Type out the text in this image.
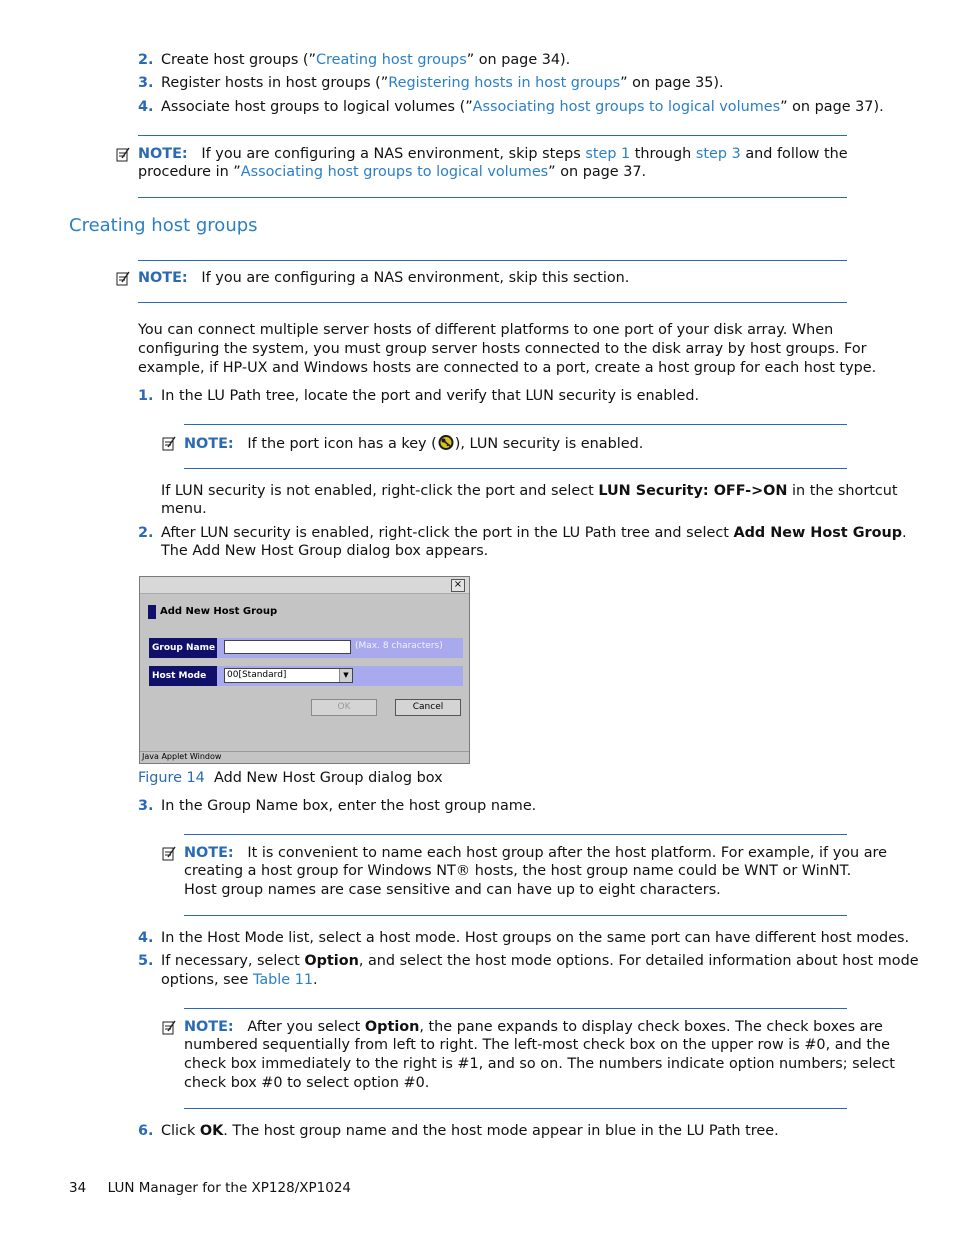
2. Create host groups (”Creating host groups” on page 34).
3. Register hosts in host groups (”Registering hosts in host groups” on page 35).
4. Associate host groups to logical volumes (”Associating host groups to logical volumes” on page 37).
NOTE: If you are configuring a NAS environment, skip steps step 1 through step 3 and follow the
procedure in ”Associating host groups to logical volumes” on page 37.
Creating host groups
NOTE: If you are configuring a NAS environment, skip this section.
You can connect multiple server hosts of different platforms to one port of your disk array. When
configuring the system, you must group server hosts connected to the disk array by host groups. For
example, if HP-UX and Windows hosts are connected to a port, create a host group for each host type.
1. In the LU Path tree, locate the port and verify that LUN security is enabled.
NOTE: If the port icon has a key ( ), LUN security is enabled.
If LUN security is not enabled, right-click the port and select LUN Security: OFF->ON in the shortcut
menu.
2. After LUN security is enabled, right-click the port in the LU Path tree and select Add New Host Group.
The Add New Host Group dialog box appears.
×
Add New Host Group
Group Name	(Max. 8 characters)
Host Mode	00[Standard]	▼
OK	Cancel
Java Applet Window
Figure 14 Add New Host Group dialog box
3. In the Group Name box, enter the host group name.
NOTE: It is convenient to name each host group after the host platform. For example, if you are
creating a host group for Windows NT® hosts, the host group name could be WNT or WinNT.
Host group names are case sensitive and can have up to eight characters.
4. In the Host Mode list, select a host mode. Host groups on the same port can have different host modes.
5. If necessary, select Option, and select the host mode options. For detailed information about host mode
options, see Table 11.
NOTE: After you select Option, the pane expands to display check boxes. The check boxes are
numbered sequentially from left to right. The left-most check box on the upper row is #0, and the
check box immediately to the right is #1, and so on. The numbers indicate option numbers; select
check box #0 to select option #0.
6. Click OK. The host group name and the host mode appear in blue in the LU Path tree.
34 LUN Manager for the XP128/XP1024
